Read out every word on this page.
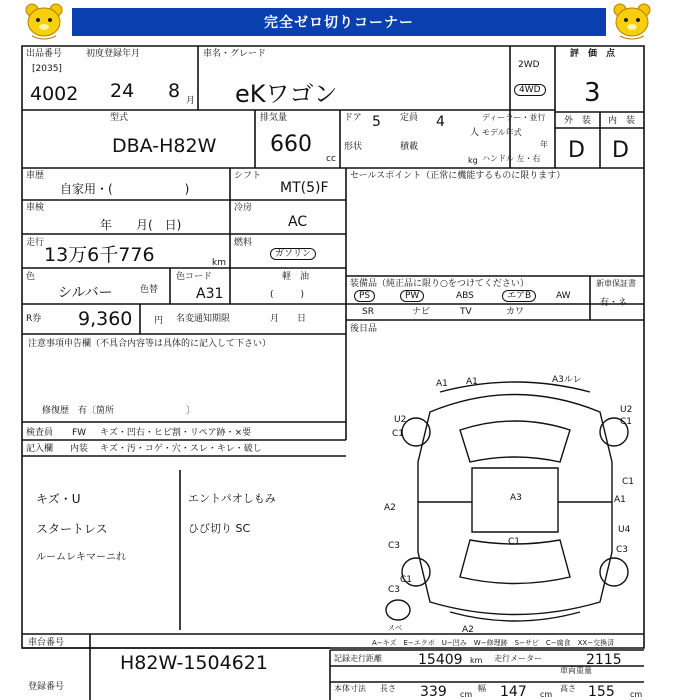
完全ゼロ切りコーナー
出品番号
[2035]
4002
初度登録年月
24 8 月
車名・グレード
eKワゴン
2WD
4WD
評　価　点
3
外　装 内　装
D D
型式
DBA-H82W
排気量
660
cc
ドア 5 定員 4
人
ディーラー・並行
モデル年式
年
形状	積載
kg ハンドル 左・右
車歴
自家用・(　　　　　　)
シフト
MT(5)F
車検
年　　月(　日)
冷房
AC
走行
13万6千776	km
燃料
ガソリン
軽　油
(　　　)
色
シルバー	色替
色コード
A31
R券 9,360 円 名変通知期限	月　　日
セールスポイント（正常に機能するものに限ります）
装備品（純正品に限り○をつけてください）	新車保証書
有・ネ
PS	PW	ABS	エアB	AW
SR	ナビ	TV	カワ
後日品
注意事項申告欄（不具合内容等は具体的に記入して下さい）
修復歴　有〔箇所　　　　　　　　〕
検査員
記入欄
FW キズ・凹右・ヒビ割・リペア跡・×要
内装 キズ・汚・コゲ・穴・スレ・キレ・破し
キズ・U
スタートレス
ルームレキマーニれ
エントパオしもみ
ひび切り SC
A1	A3ルレ
A1
U2
C1
U2
C1
A2
A3
C1
A1
U4
C3	C1
C3
C3
C1
A2
スべ
車台番号
H82W-1504621
登録番号
A−キズ　E−エクボ　U−凹み　W−修理跡　S−サビ　C−腐食　XX−交換済
記録走行距離	15409 km 走行メーター
車両重量
2115
本体寸法 長さ 339 cm
幅 147 cm
高さ 155 cm
